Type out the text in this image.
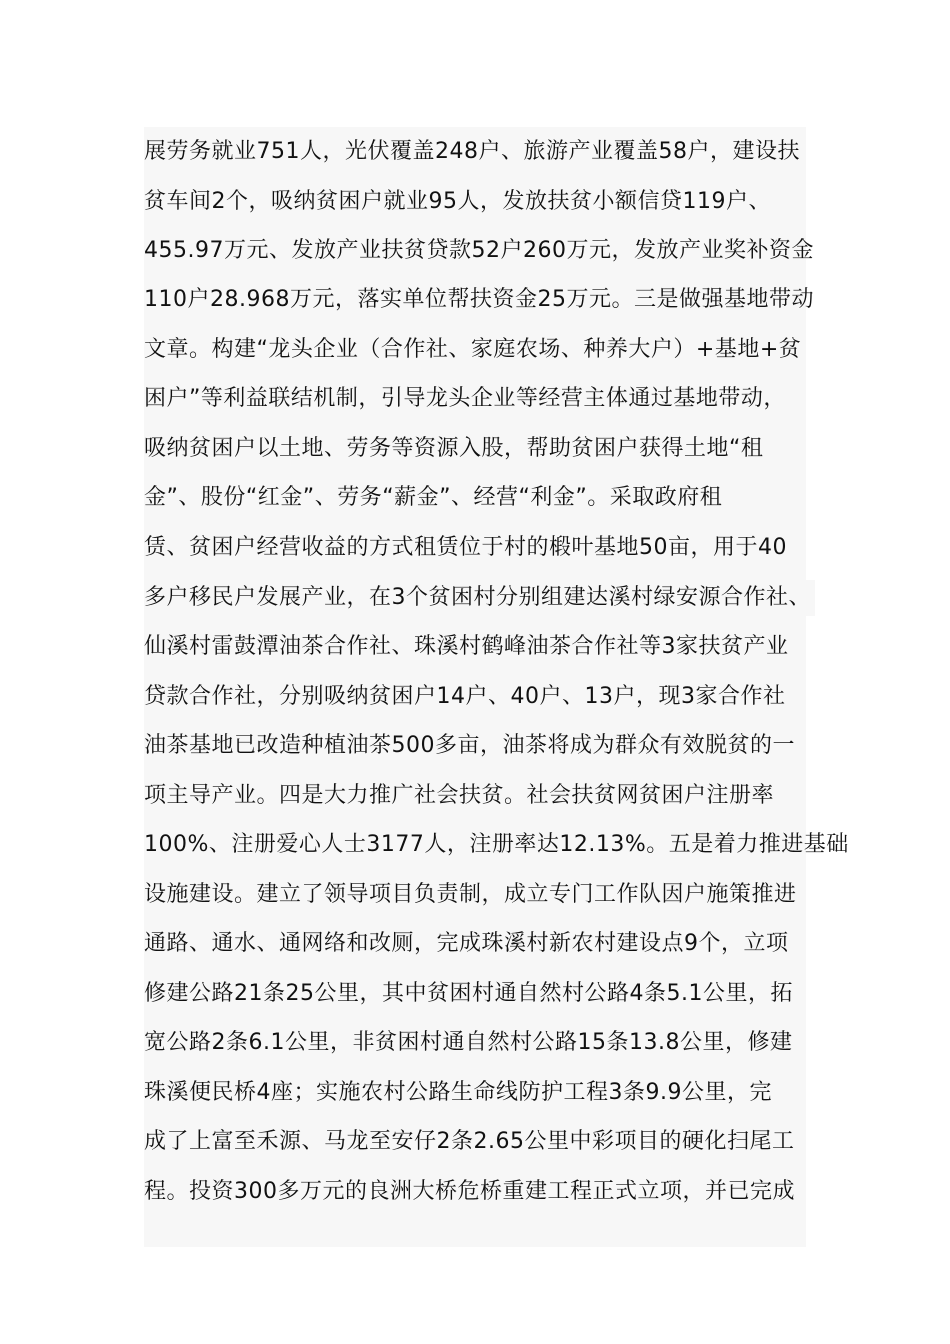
展劳务就业751人，光伏覆盖248户、旅游产业覆盖58户，建设扶
贫车间2个，吸纳贫困户就业95人，发放扶贫小额信贷119户、
455.97万元、发放产业扶贫贷款52户260万元，发放产业奖补资金
110户28.968万元，落实单位帮扶资金25万元。三是做强基地带动
文章。构建“龙头企业（合作社、家庭农场、种养大户）+基地+贫
困户”等利益联结机制，引导龙头企业等经营主体通过基地带动，
吸纳贫困户以土地、劳务等资源入股，帮助贫困户获得土地“租
金”、股份“红金”、劳务“薪金”、经营“利金”。采取政府租
赁、贫困户经营收益的方式租赁位于村的椴叶基地50亩，用于40
多户移民户发展产业，在3个贫困村分别组建达溪村绿安源合作社、
仙溪村雷鼓潭油茶合作社、珠溪村鹤峰油茶合作社等3家扶贫产业
贷款合作社，分别吸纳贫困户14户、40户、13户，现3家合作社
油茶基地已改造种植油茶500多亩，油茶将成为群众有效脱贫的一
项主导产业。四是大力推广社会扶贫。社会扶贫网贫困户注册率
100%、注册爱心人士3177人，注册率达12.13%。五是着力推进基础
设施建设。建立了领导项目负责制，成立专门工作队因户施策推进
通路、通水、通网络和改厕，完成珠溪村新农村建设点9个，立项
修建公路21条25公里，其中贫困村通自然村公路4条5.1公里，拓
宽公路2条6.1公里，非贫困村通自然村公路15条13.8公里，修建
珠溪便民桥4座；实施农村公路生命线防护工程3条9.9公里，完
成了上富至禾源、马龙至安仔2条2.65公里中彩项目的硬化扫尾工
程。投资300多万元的良洲大桥危桥重建工程正式立项，并已完成
